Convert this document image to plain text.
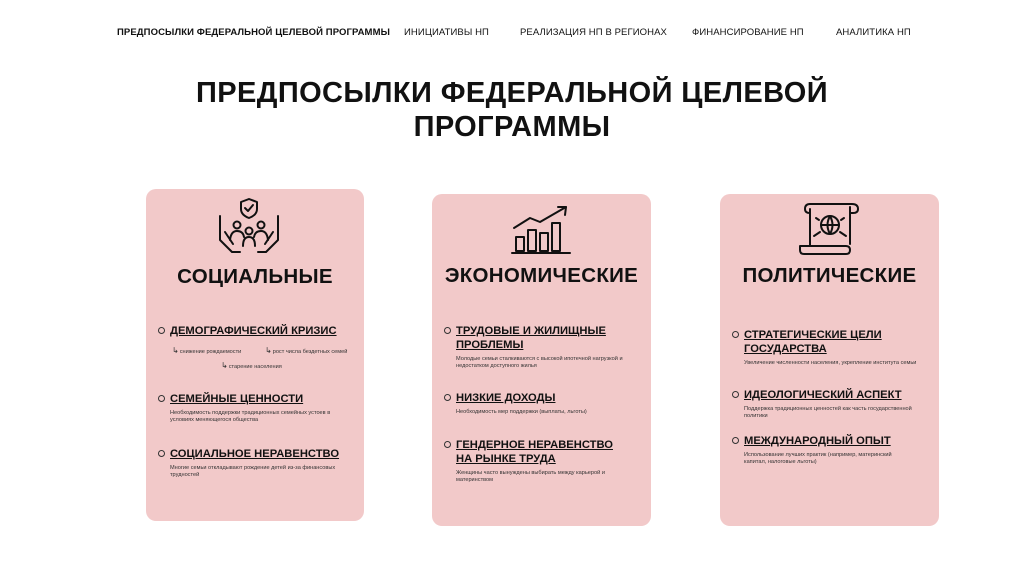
ПРЕДПОСЫЛКИ ФЕДЕРАЛЬНОЙ ЦЕЛЕВОЙ ПРОГРАММЫ ИНИЦИАТИВЫ НП	РЕАЛИЗАЦИЯ НП В РЕГИОНАХ	ФИНАНСИРОВАНИЕ НП	АНАЛИТИКА НП
ПРЕДПОСЫЛКИ ФЕДЕРАЛЬНОЙ ЦЕЛЕВОЙ
ПРОГРАММЫ
СОЦИАЛЬНЫЕ
ДЕМОГРАФИЧЕСКИЙ КРИЗИС
↳снижение рождаемости	↳рост числа бездетных семей
↳старение населения
СЕМЕЙНЫЕ ЦЕННОСТИ
Необходимость поддержки традиционных семейных устоев в условиях меняющегося общества
СОЦИАЛЬНОЕ НЕРАВЕНСТВО
Многие семьи откладывают рождение детей из-за финансовых трудностей
ЭКОНОМИЧЕСКИЕ
ТРУДОВЫЕ И ЖИЛИЩНЫЕ ПРОБЛЕМЫ
Молодые семьи сталкиваются с высокой ипотечной нагрузкой и недостатком доступного жилья
НИЗКИЕ ДОХОДЫ
Необходимость мер поддержки (выплаты, льготы)
ГЕНДЕРНОЕ НЕРАВЕНСТВО НА РЫНКЕ ТРУДА
Женщины часто вынуждены выбирать между карьерой и материнством
ПОЛИТИЧЕСКИЕ
СТРАТЕГИЧЕСКИЕ ЦЕЛИ ГОСУДАРСТВА
Увеличение численности населения, укрепление института семьи
ИДЕОЛОГИЧЕСКИЙ АСПЕКТ
Поддержка традиционных ценностей как часть государственной политики
МЕЖДУНАРОДНЫЙ ОПЫТ
Использование лучших практик (например, материнский капитал, налоговые льготы)
